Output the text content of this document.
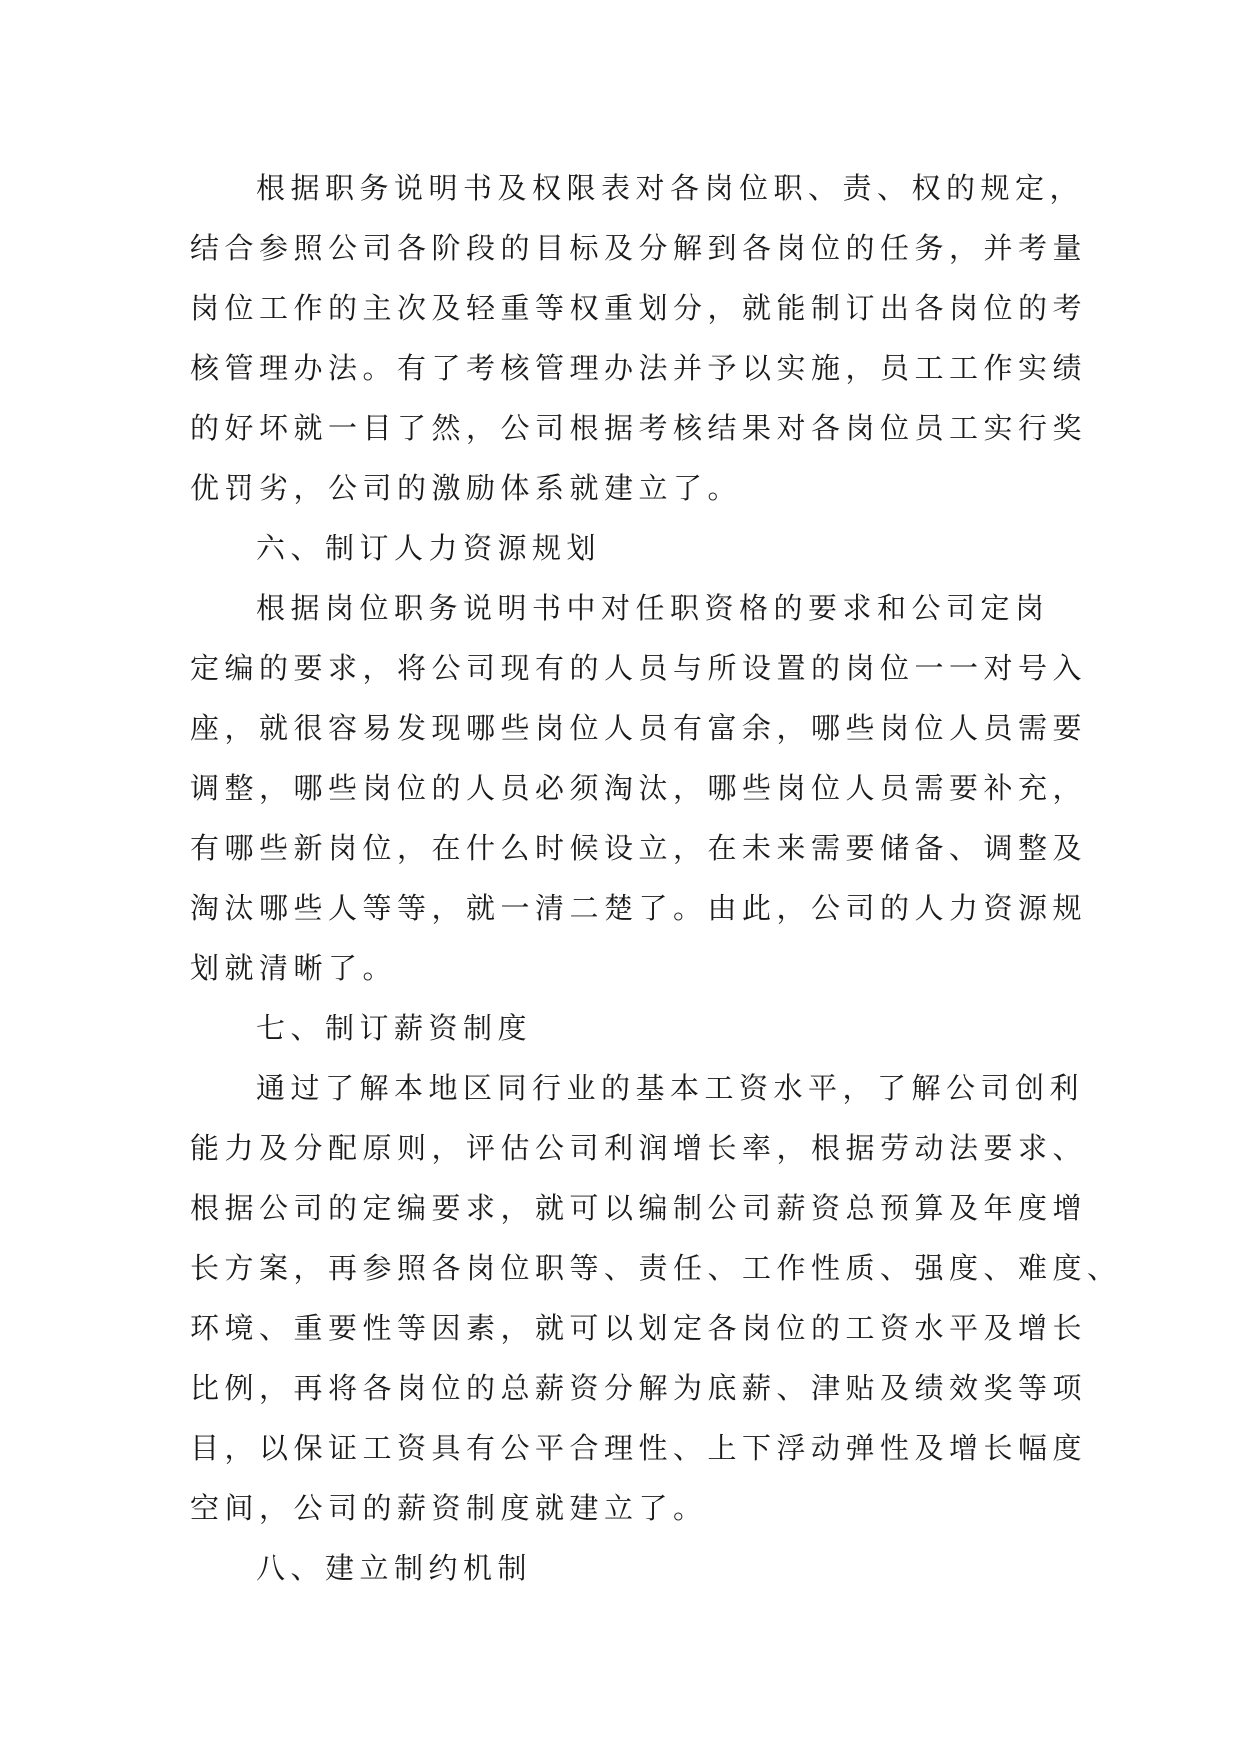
根据职务说明书及权限表对各岗位职、责、权的规定，
结合参照公司各阶段的目标及分解到各岗位的任务，并考量
岗位工作的主次及轻重等权重划分，就能制订出各岗位的考
核管理办法。有了考核管理办法并予以实施，员工工作实绩
的好坏就一目了然，公司根据考核结果对各岗位员工实行奖
优罚劣，公司的激励体系就建立了。
六、制订人力资源规划
根据岗位职务说明书中对任职资格的要求和公司定岗
定编的要求，将公司现有的人员与所设置的岗位一一对号入
座，就很容易发现哪些岗位人员有富余，哪些岗位人员需要
调整，哪些岗位的人员必须淘汰，哪些岗位人员需要补充，
有哪些新岗位，在什么时候设立，在未来需要储备、调整及
淘汰哪些人等等，就一清二楚了。由此，公司的人力资源规
划就清晰了。
七、制订薪资制度
通过了解本地区同行业的基本工资水平，了解公司创利
能力及分配原则，评估公司利润增长率，根据劳动法要求、
根据公司的定编要求，就可以编制公司薪资总预算及年度增
长方案，再参照各岗位职等、责任、工作性质、强度、难度、
环境、重要性等因素，就可以划定各岗位的工资水平及增长
比例，再将各岗位的总薪资分解为底薪、津贴及绩效奖等项
目，以保证工资具有公平合理性、上下浮动弹性及增长幅度
空间，公司的薪资制度就建立了。
八、建立制约机制
